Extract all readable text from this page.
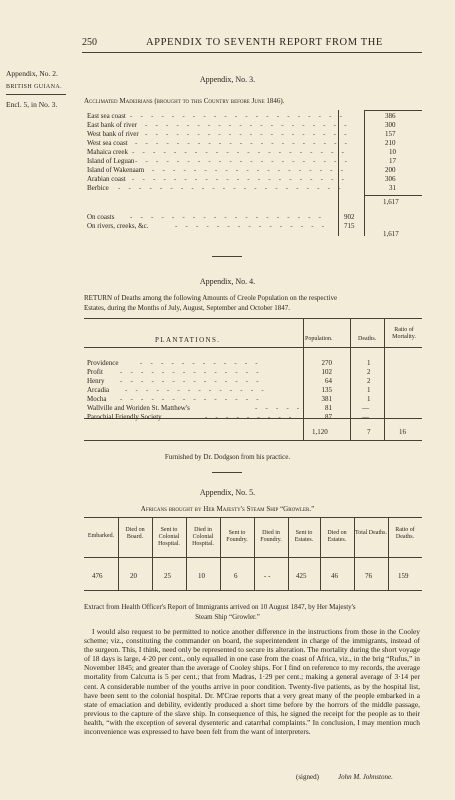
250	APPENDIX TO SEVENTH REPORT FROM THE
Appendix, No. 2.
BRITISH GUIANA.
Encl. 5, in No. 3.
Appendix, No. 3.
Acclimated Madeirians (brought to this Country before June 1846).
East sea coast	386
East bank of river	300
West bank of river	157
West sea coast	210
Mahaica creek	10
Island of Leguan	17
Island of Wakenaam	200
Arabian coast	306
Berbice	31
- - - - - - - - - - - - - - - - - - - - -
- - - - - - - - - - - - - - - - - - - -
- - - - - - - - - - - - - - - - - - - -
- - - - - - - - - - - - - - - - - - - - -
- - - - - - - - - - - - - - - - - - - - -
- - - - - - - - - - - - - - - - - - - - -
- - - - - - - - - - - - - - - - - - -
- - - - - - - - - - - - - - - - - - - - -
- - - - - - - - - - - - - - - - - - - - - -
1,617
On coasts - - - - - - - - - - - - - - - - - - -	902
On rivers, creeks, &c.	- - - - - - - - - - - - - - - 715
1,617
Appendix, No. 4.
RETURN of Deaths among the following Amounts of Creole Population on the respective
Estates, during the Months of July, August, September and October 1847.
PLANTATIONS.	Population.	Deaths.
Ratio of Mortality.
Providence	- - - - - - - - - - - -	270	1
Profit - - - - - - - - - - - - - -	102	2
Henry - - - - - - - - - - - - - -	64	2
Arcadia - - - - - - - - - - - - - -	135	1
Mocha - - - - - - - - - - - - - -	381	1
Wallville and Woriden St. Matthew's	- - - - -	81	—
Parochial Friendly Society	- - - - - - - - -	87	—
1,120	7	16
Furnished by Dr. Dodgson from his practice.
Appendix, No. 5.
Africans brought by Her Majesty's Steam Ship “Growler.”
Embarked.
Died on Board.
Sent to Colonial Hospital.
Died in Colonial Hospital.
Sent to Foundry.
Died in Foundry.
Sent to Estates.
Died on Estates.
Total Deaths.	Ratio of Deaths.
476	20	25	10	6	- -	425	46	76	159
Extract from Health Officer's Report of Immigrants arrived on 10 August 1847, by Her Majesty's
Steam Ship “Growler.”
I would also request to be permitted to notice another difference in the instructions from those in the Cooley scheme; viz., constituting the commander on board, the superintendent in charge of the immigrants, instead of the surgeon. This, I think, need only be represented to secure its alteration. The mortality during the short voyage of 18 days is large, 4·20 per cent., only equalled in one case from the coast of Africa, viz., in the brig “Rufus,” in November 1845; and greater than the average of Cooley ships. For I find on reference to my records, the average mortality from Calcutta is 5 per cent.; that from Madras, 1·29 per cent.; making a general average of 3·14 per cent. A considerable number of the youths arrive in poor condition. Twenty-five patients, as by the hospital list, have been sent to the colonial hospital. Dr. M'Crae reports that a very great many of the people embarked in a state of emaciation and debility, evidently produced a short time before by the horrors of the middle passage, previous to the capture of the slave ship. In consequence of this, he signed the receipt for the people as to their health, “with the exception of several dysenteric and catarrhal complaints.” In conclusion, I may mention much inconvenience was expressed to have been felt from the want of interpreters.
(signed)	John M. Johnstone.
